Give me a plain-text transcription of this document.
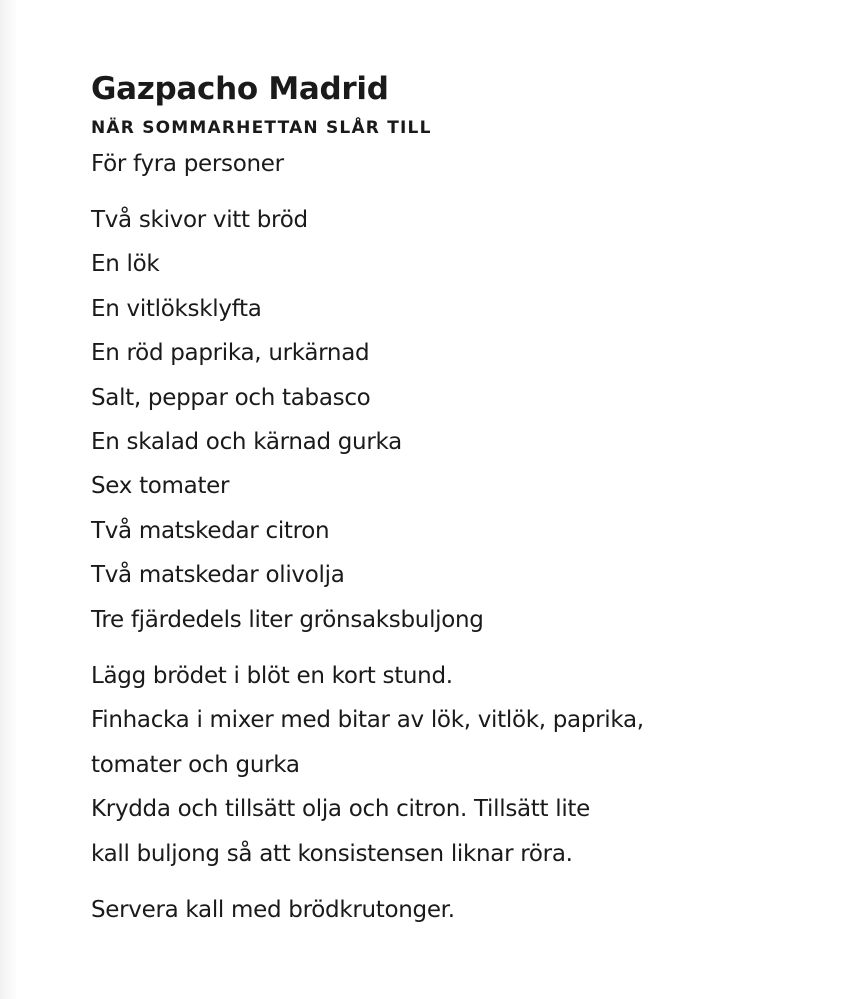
Gazpacho Madrid

NÄR SOMMARHETTAN SLÅR TILL

För fyra personer

Två skivor vitt bröd
En lök
En vitlöksklyfta
En röd paprika, urkärnad
Salt, peppar och tabasco
En skalad och kärnad gurka
Sex tomater
Två matskedar citron
Två matskedar olivolja
Tre fjärdedels liter grönsaksbuljong

Lägg brödet i blöt en kort stund.

Finhacka i mixer med bitar av lök, vitlök, paprika,

tomater och gurka

Krydda och tillsätt olja och citron. Tillsätt lite

kall buljong så att konsistensen liknar röra.

Servera kall med brödkrutonger.
